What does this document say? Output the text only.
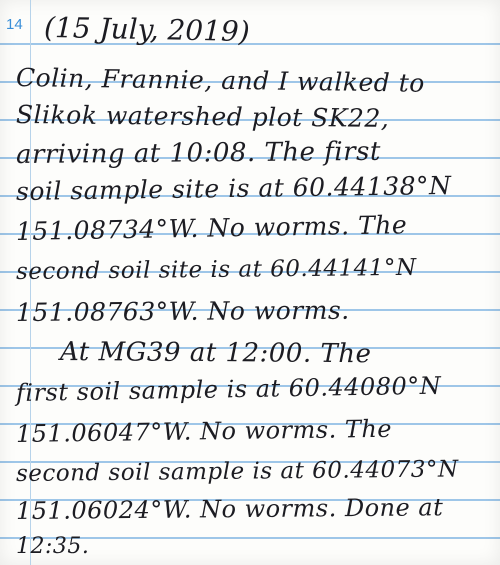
14 (15 July, 2019)
Colin, Frannie, and I walked to
Slikok watershed plot SK22,
arriving at 10:08. The first
soil sample site is at 60.44138°N
151.08734°W. No worms. The
second soil site is at 60.44141°N
151.08763°W. No worms.
At MG39 at 12:00. The
first soil sample is at 60.44080°N
151.06047°W. No worms. The
second soil sample is at 60.44073°N
151.06024°W. No worms. Done at
12:35.
